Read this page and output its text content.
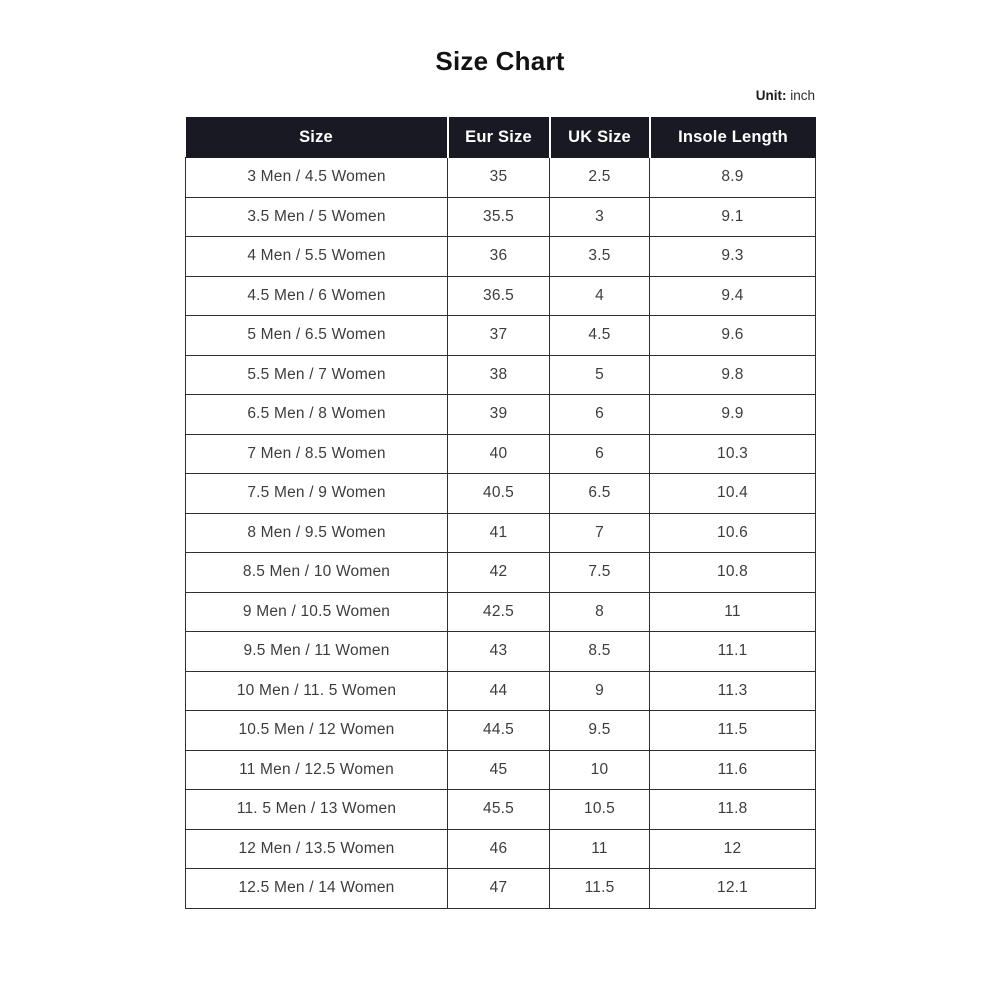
Size Chart
Unit: inch
Size	Eur Size	UK Size	Insole Length
3 Men / 4.5 Women	35	2.5	8.9
3.5 Men / 5 Women	35.5	3	9.1
4 Men / 5.5 Women	36	3.5	9.3
4.5 Men / 6 Women	36.5	4	9.4
5 Men / 6.5 Women	37	4.5	9.6
5.5 Men / 7 Women	38	5	9.8
6.5 Men / 8 Women	39	6	9.9
7 Men / 8.5 Women	40	6	10.3
7.5 Men / 9 Women	40.5	6.5	10.4
8 Men / 9.5 Women	41	7	10.6
8.5 Men / 10 Women	42	7.5	10.8
9 Men / 10.5 Women	42.5	8	11
9.5 Men / 11 Women	43	8.5	11.1
10 Men / 11. 5 Women	44	9	11.3
10.5 Men / 12 Women	44.5	9.5	11.5
11 Men / 12.5 Women	45	10	11.6
11. 5 Men / 13 Women	45.5	10.5	11.8
12 Men / 13.5 Women	46	11	12
12.5 Men / 14 Women	47	11.5	12.1
